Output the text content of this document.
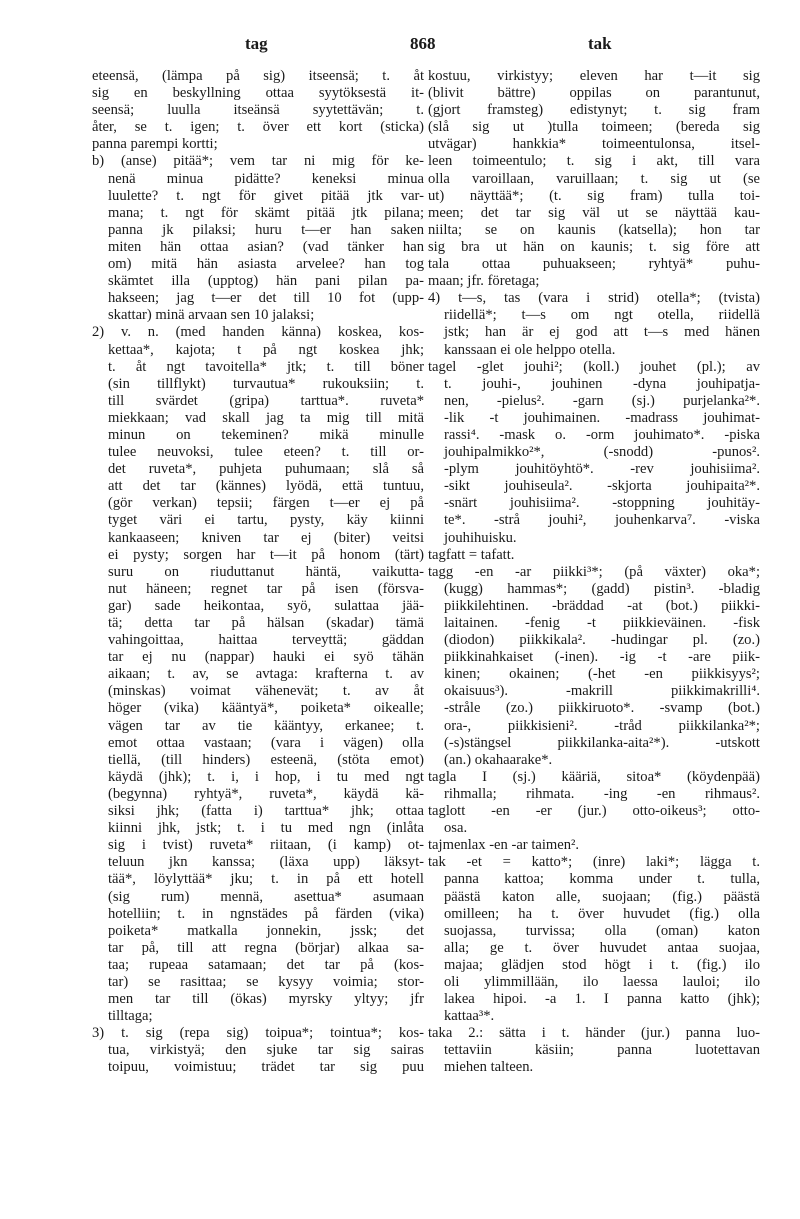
tag	868	tak
eteensä, (lämpa på sig) itseensä; t. åt
sig en beskyllning ottaa syytöksestä it-
seensä; luulla itseänsä syytettävän; t.
åter, se t. igen; t. över ett kort (sticka)
panna parempi kortti;
b) (anse) pitää*; vem tar ni mig för ke-
nenä minua pidätte? keneksi minua
luulette? t. ngt för givet pitää jtk var-
mana; t. ngt för skämt pitää jtk pilana;
panna jk pilaksi; huru t—er han saken
miten hän ottaa asian? (vad tänker han
om) mitä hän asiasta arvelee? han tog
skämtet illa (upptog) hän pani pilan pa-
hakseen; jag t—er det till 10 fot (upp-
skattar) minä arvaan sen 10 jalaksi;
2) v. n. (med handen känna) koskea, kos-
kettaa*, kajota; t på ngt koskea jhk;
t. åt ngt tavoitella* jtk; t. till böner
(sin tillflykt) turvautua* rukouksiin; t.
till svärdet (gripa) tarttua*. ruveta*
miekkaan; vad skall jag ta mig till mitä
minun on tekeminen? mikä minulle
tulee neuvoksi, tulee eteen? t. till or-
det ruveta*, puhjeta puhumaan; slå så
att det tar (kännes) lyödä, että tuntuu,
(gör verkan) tepsii; färgen t—er ej på
tyget väri ei tartu, pysty, käy kiinni
kankaaseen; kniven tar ej (biter) veitsi
ei pysty; sorgen har t—it på honom (tärt)
suru on riuduttanut häntä, vaikutta-
nut häneen; regnet tar på isen (försva-
gar) sade heikontaa, syö, sulattaa jää-
tä; detta tar på hälsan (skadar) tämä
vahingoittaa, haittaa terveyttä; gäddan
tar ej nu (nappar) hauki ei syö tähän
aikaan; t. av, se avtaga: krafterna t. av
(minskas) voimat vähenevät; t. av åt
höger (vika) kääntyä*, poiketa* oikealle;
vägen tar av tie kääntyy, erkanee; t.
emot ottaa vastaan; (vara i vägen) olla
tiellä, (till hinders) esteenä, (stöta emot)
käydä (jhk); t. i, i hop, i tu med ngt
(begynna) ryhtyä*, ruveta*, käydä kä-
siksi jhk; (fatta i) tarttua* jhk; ottaa
kiinni jhk, jstk; t. i tu med ngn (inlåta
sig i tvist) ruveta* riitaan, (i kamp) ot-
teluun jkn kanssa; (läxa upp) läksyt-
tää*, löylyttää* jku; t. in på ett hotell
(sig rum) mennä, asettua* asumaan
hotelliin; t. in ngnstädes på färden (vika)
poiketa* matkalla jonnekin, jssk; det
tar på, till att regna (börjar) alkaa sa-
taa; rupeaa satamaan; det tar på (kos-
tar) se rasittaa; se kysyy voimia; stor-
men tar till (ökas) myrsky yltyy; jfr
tilltaga;
3) t. sig (repa sig) toipua*; tointua*; kos-
tua, virkistyä; den sjuke tar sig sairas
toipuu, voimistuu; trädet tar sig puu
kostuu, virkistyy; eleven har t—it sig
(blivit bättre) oppilas on parantunut,
(gjort framsteg) edistynyt; t. sig fram
(slå sig ut )tulla toimeen; (bereda sig
utvägar) hankkia* toimeentulonsa, itsel-
leen toimeentulo; t. sig i akt, till vara
olla varoillaan, varuillaan; t. sig ut (se
ut) näyttää*; (t. sig fram) tulla toi-
meen; det tar sig väl ut se näyttää kau-
niilta; se on kaunis (katsella); hon tar
sig bra ut hän on kaunis; t. sig före att
tala ottaa puhuakseen; ryhtyä* puhu-
maan; jfr. företaga;
4) t—s, tas (vara i strid) otella*; (tvista)
riidellä*; t—s om ngt otella, riidellä
jstk; han är ej god att t—s med hänen
kanssaan ei ole helppo otella.
tagel -glet jouhi²; (koll.) jouhet (pl.); av
t. jouhi-, jouhinen -dyna jouhipatja-
nen, -pielus². -garn (sj.) purjelanka²*.
-lik -t jouhimainen. -madrass jouhimat-
rassi⁴. -mask o. -orm jouhimato*. -piska
jouhipalmikko²*, (-snodd) -punos².
-plym jouhitöyhtö*. -rev jouhisiima².
-sikt jouhiseula². -skjorta jouhipaita²*.
-snärt jouhisiima². -stoppning jouhitäy-
te*. -strå jouhi², jouhenkarva⁷. -viska
jouhihuisku.
tagfatt = tafatt.
tagg -en -ar piikki³*; (på växter) oka*;
(kugg) hammas*; (gadd) pistin³. -bladig
piikkilehtinen. -bräddad -at (bot.) piikki-
laitainen. -fenig -t piikkieväinen. -fisk
(diodon) piikkikala². -hudingar pl. (zo.)
piikkinahkaiset (-inen). -ig -t -are piik-
kinen; okainen; (-het -en piikkisyys²;
okaisuus³). -makrill piikkimakrilli⁴.
-stråle (zo.) piikkiruoto*. -svamp (bot.)
ora-, piikkisieni². -tråd piikkilanka²*;
(-s)stängsel piikkilanka-aita²*). -utskott
(an.) okahaarake*.
tagla I (sj.) kääriä, sitoa* (köydenpää)
rihmalla; rihmata. -ing -en rihmaus².
taglott -en -er (jur.) otto-oikeus³; otto-
osa.
tajmenlax -en -ar taimen².
tak -et = katto*; (inre) laki*; lägga t.
panna kattoa; komma under t. tulla,
päästä katon alle, suojaan; (fig.) päästä
omilleen; ha t. över huvudet (fig.) olla
suojassa, turvissa; olla (oman) katon
alla; ge t. över huvudet antaa suojaa,
majaa; glädjen stod högt i t. (fig.) ilo
oli ylimmillään, ilo laessa lauloi; ilo
lakea hipoi. -a 1. I panna katto (jhk);
kattaa³*.
taka 2.: sätta i t. händer (jur.) panna luo-
tettaviin käsiin; panna luotettavan
miehen talteen.
